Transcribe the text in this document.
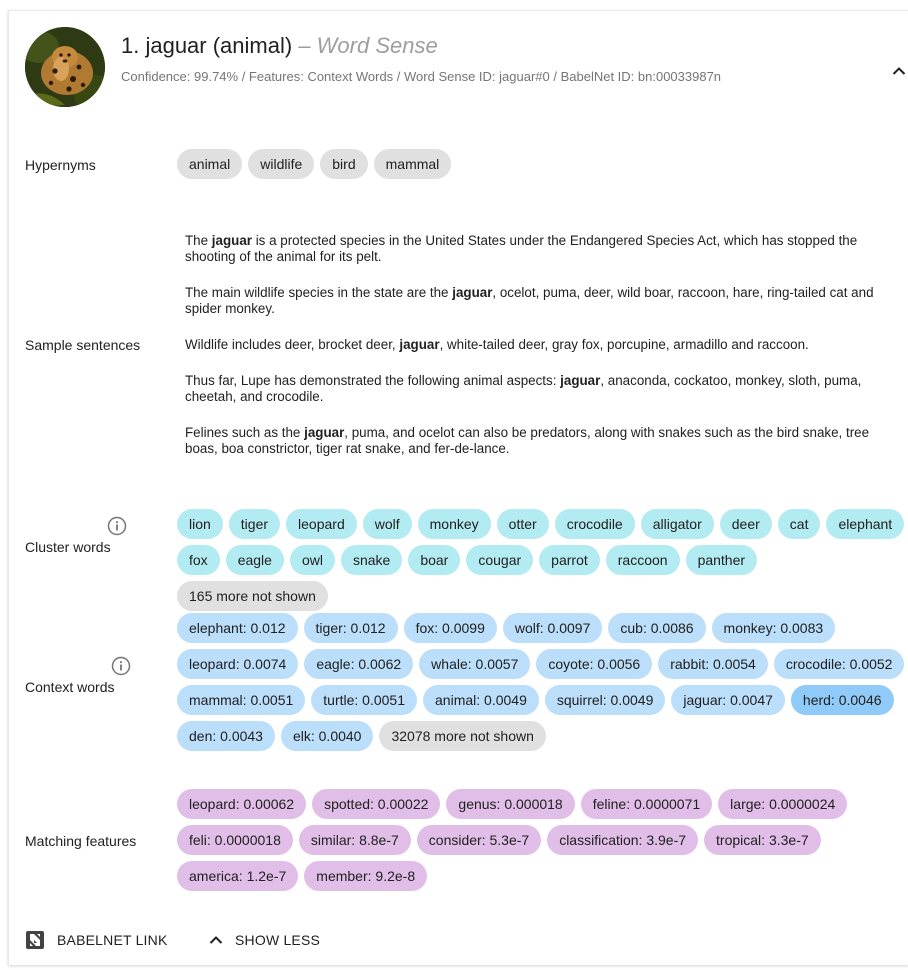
1. jaguar (animal) – Word Sense
Confidence: 99.74% / Features: Context Words / Word Sense ID: jaguar#0 / BabelNet ID: bn:00033987n
Hypernyms	animal	wildlife	bird	mammal
Sample sentences

The jaguar is a protected species in the United States under the Endangered Species Act, which has stopped the shooting of the animal for its pelt.

The main wildlife species in the state are the jaguar, ocelot, puma, deer, wild boar, raccoon, hare, ring-tailed cat and spider monkey.

Wildlife includes deer, brocket deer, jaguar, white-tailed deer, gray fox, porcupine, armadillo and raccoon.

Thus far, Lupe has demonstrated the following animal aspects: jaguar, anaconda, cockatoo, monkey, sloth, puma, cheetah, and crocodile.

Felines such as the jaguar, puma, and ocelot can also be predators, along with snakes such as the bird snake, tree boas, boa constrictor, tiger rat snake, and fer-de-lance.

Cluster words
lion	tiger	leopard	wolf	monkey	otter	crocodile	alligator	deer	cat	elephant
fox	eagle	owl	snake	boar	cougar	parrot	raccoon	panther
165 more not shown
Context words
elephant: 0.012	tiger: 0.012	fox: 0.0099	wolf: 0.0097	cub: 0.0086	monkey: 0.0083
leopard: 0.0074	eagle: 0.0062	whale: 0.0057	coyote: 0.0056	rabbit: 0.0054	crocodile: 0.0052
mammal: 0.0051	turtle: 0.0051	animal: 0.0049	squirrel: 0.0049	jaguar: 0.0047	herd: 0.0046
den: 0.0043	elk: 0.0040	32078 more not shown
Matching features
leopard: 0.00062	spotted: 0.00022	genus: 0.000018	feline: 0.0000071	large: 0.0000024
feli: 0.0000018	similar: 8.8e-7	consider: 5.3e-7	classification: 3.9e-7	tropical: 3.3e-7
america: 1.2e-7	member: 9.2e-8
BABELNET LINK	SHOW LESS
